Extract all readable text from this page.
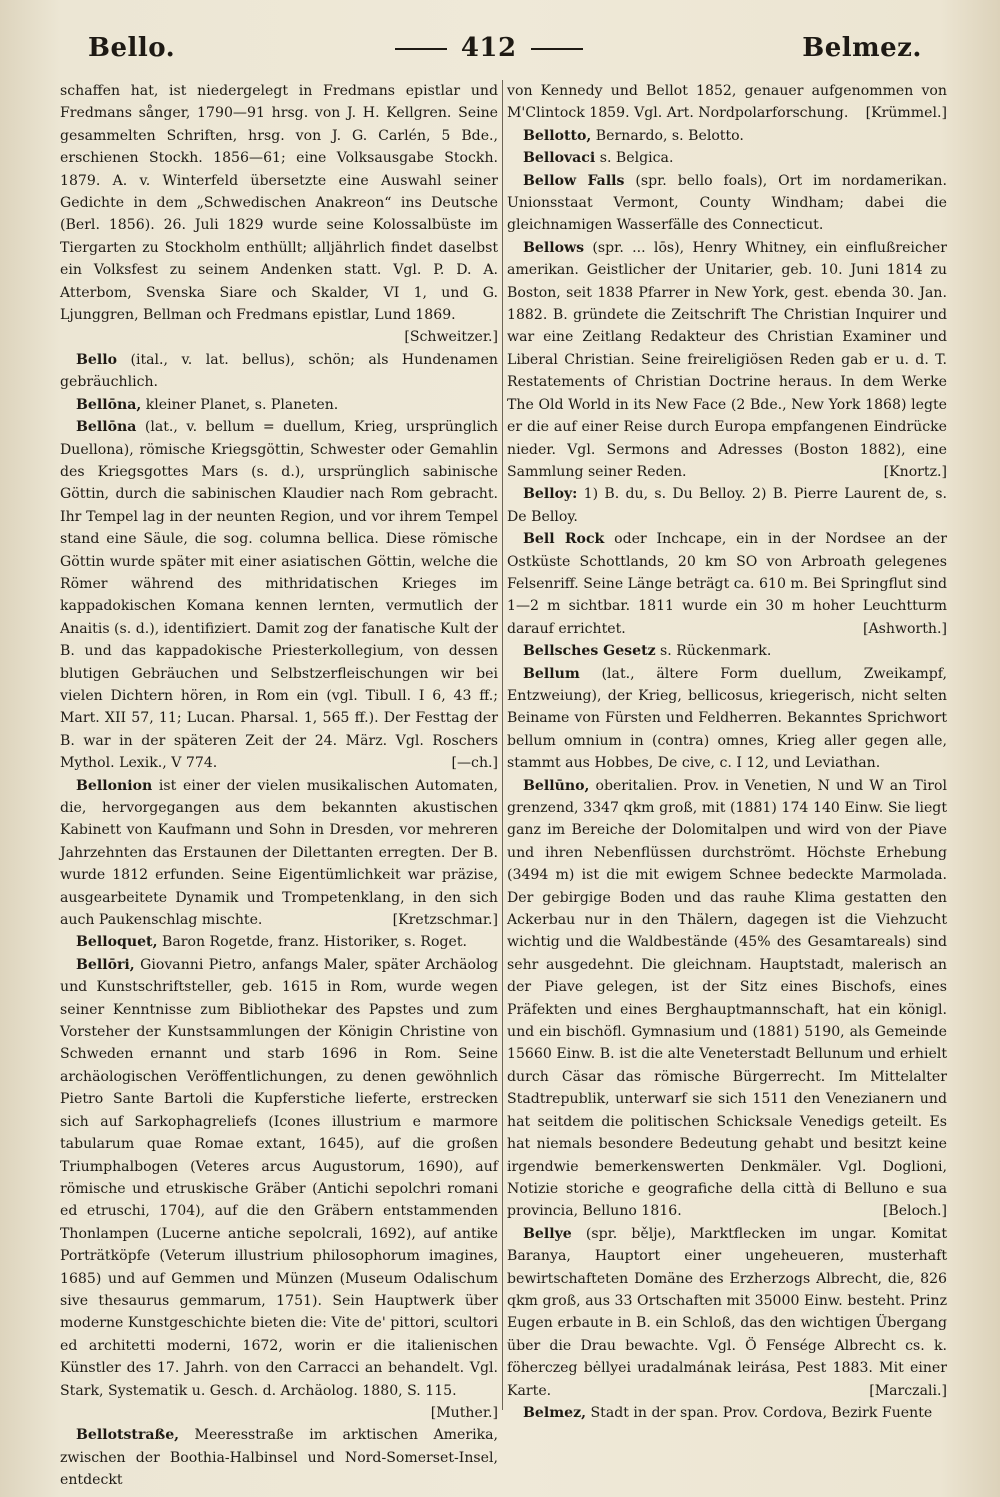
Bello.	412	Belmez.

schaffen hat, ist niedergelegt in Fredmans epistlar und Fredmans sånger, 1790—91 hrsg. von J. H. Kellgren. Seine gesammelten Schriften, hrsg. von J. G. Carlén, 5 Bde., erschienen Stockh. 1856—61; eine Volksausgabe Stockh. 1879. A. v. Winterfeld übersetzte eine Auswahl seiner Gedichte in dem „Schwedischen Anakreon“ ins Deutsche (Berl. 1856). 26. Juli 1829 wurde seine Kolossalbüste im Tiergarten zu Stockholm enthüllt; alljährlich findet daselbst ein Volksfest zu seinem Andenken statt. Vgl. P. D. A. Atterbom, Svenska Siare och Skalder, VI 1, und G. Ljunggren, Bellman och Fredmans epistlar, Lund 1869.
[Schweitzer.]

Bello (ital., v. lat. bellus), schön; als Hundenamen gebräuchlich.

Bellōna, kleiner Planet, s. Planeten.

Bellōna (lat., v. bellum = duellum, Krieg, ursprünglich Duellona), römische Kriegsgöttin, Schwester oder Gemahlin des Kriegsgottes Mars (s. d.), ursprünglich sabinische Göttin, durch die sabinischen Klaudier nach Rom gebracht. Ihr Tempel lag in der neunten Region, und vor ihrem Tempel stand eine Säule, die sog. columna bellica. Diese römische Göttin wurde später mit einer asiatischen Göttin, welche die Römer während des mithridatischen Krieges im kappadokischen Komana kennen lernten, vermutlich der Anaitis (s. d.), identifiziert. Damit zog der fanatische Kult der B. und das kappadokische Priesterkollegium, von dessen blutigen Gebräuchen und Selbstzerfleischungen wir bei vielen Dichtern hören, in Rom ein (vgl. Tibull. I 6, 43 ff.; Mart. XII 57, 11; Lucan. Pharsal. 1, 565 ff.). Der Festtag der B. war in der späteren Zeit der 24. März. Vgl. Roschers Mythol. Lexik., V 774.	[—ch.]

Bellonion ist einer der vielen musikalischen Automaten, die, hervorgegangen aus dem bekannten akustischen Kabinett von Kaufmann und Sohn in Dresden, vor mehreren Jahrzehnten das Erstaunen der Dilettanten erregten. Der B. wurde 1812 erfunden. Seine Eigentümlichkeit war präzise, ausgearbeitete Dynamik und Trompetenklang, in den sich auch Paukenschlag mischte.	[Kretzschmar.]

Belloquet, Baron Rogetde, franz. Historiker, s. Roget.

Bellōri, Giovanni Pietro, anfangs Maler, später Archäolog und Kunstschriftsteller, geb. 1615 in Rom, wurde wegen seiner Kenntnisse zum Bibliothekar des Papstes und zum Vorsteher der Kunstsammlungen der Königin Christine von Schweden ernannt und starb 1696 in Rom. Seine archäologischen Veröffentlichungen, zu denen gewöhnlich Pietro Sante Bartoli die Kupferstiche lieferte, erstrecken sich auf Sarkophagreliefs (Icones illustrium e marmore tabularum quae Romae extant, 1645), auf die großen Triumphalbogen (Veteres arcus Augustorum, 1690), auf römische und etruskische Gräber (Antichi sepolchri romani ed etruschi, 1704), auf die den Gräbern entstammenden Thonlampen (Lucerne antiche sepolcrali, 1692), auf antike Porträtköpfe (Veterum illustrium philosophorum imagines, 1685) und auf Gemmen und Münzen (Museum Odalischum sive thesaurus gemmarum, 1751). Sein Hauptwerk über moderne Kunstgeschichte bieten die: Vite de' pittori, scultori ed architetti moderni, 1672, worin er die italienischen Künstler des 17. Jahrh. von den Carracci an behandelt. Vgl. Stark, Systematik u. Gesch. d. Archäolog. 1880, S. 115.
[Muther.]

Bellotstraße, Meeresstraße im arktischen Amerika, zwischen der Boothia-Halbinsel und Nord-Somerset-Insel, entdeckt

von Kennedy und Bellot 1852, genauer aufgenommen von M'Clintock 1859. Vgl. Art. Nordpolarforschung.	[Krümmel.]

Bellotto, Bernardo, s. Belotto.

Bellovaci s. Belgica.

Bellow Falls (spr. bello foals), Ort im nordamerikan. Unionsstaat Vermont, County Windham; dabei die gleichnamigen Wasserfälle des Connecticut.

Bellows (spr. ... lōs), Henry Whitney, ein einflußreicher amerikan. Geistlicher der Unitarier, geb. 10. Juni 1814 zu Boston, seit 1838 Pfarrer in New York, gest. ebenda 30. Jan. 1882. B. gründete die Zeitschrift The Christian Inquirer und war eine Zeitlang Redakteur des Christian Examiner und Liberal Christian. Seine freireligiösen Reden gab er u. d. T. Restatements of Christian Doctrine heraus. In dem Werke The Old World in its New Face (2 Bde., New York 1868) legte er die auf einer Reise durch Europa empfangenen Eindrücke nieder. Vgl. Sermons and Adresses (Boston 1882), eine Sammlung seiner Reden.	[Knortz.]

Belloy: 1) B. du, s. Du Belloy. 2) B. Pierre Laurent de, s. De Belloy.

Bell Rock oder Inchcape, ein in der Nordsee an der Ostküste Schottlands, 20 km SO von Arbroath gelegenes Felsenriff. Seine Länge beträgt ca. 610 m. Bei Springflut sind 1—2 m sichtbar. 1811 wurde ein 30 m hoher Leuchtturm darauf errichtet.	[Ashworth.]

Bellsches Gesetz s. Rückenmark.

Bellum (lat., ältere Form duellum, Zweikampf, Entzweiung), der Krieg, bellicosus, kriegerisch, nicht selten Beiname von Fürsten und Feldherren. Bekanntes Sprichwort bellum omnium in (contra) omnes, Krieg aller gegen alle, stammt aus Hobbes, De cive, c. I 12, und Leviathan.

Bellūno, oberitalien. Prov. in Venetien, N und W an Tirol grenzend, 3347 qkm groß, mit (1881) 174 140 Einw. Sie liegt ganz im Bereiche der Dolomitalpen und wird von der Piave und ihren Nebenflüssen durchströmt. Höchste Erhebung (3494 m) ist die mit ewigem Schnee bedeckte Marmolada. Der gebirgige Boden und das rauhe Klima gestatten den Ackerbau nur in den Thälern, dagegen ist die Viehzucht wichtig und die Waldbestände (45% des Gesamtareals) sind sehr ausgedehnt. Die gleichnam. Hauptstadt, malerisch an der Piave gelegen, ist der Sitz eines Bischofs, eines Präfekten und eines Berghauptmannschaft, hat ein königl. und ein bischöfl. Gymnasium und (1881) 5190, als Gemeinde 15660 Einw. B. ist die alte Veneterstadt Bellunum und erhielt durch Cäsar das römische Bürgerrecht. Im Mittelalter Stadtrepublik, unterwarf sie sich 1511 den Venezianern und hat seitdem die politischen Schicksale Venedigs geteilt. Es hat niemals besondere Bedeutung gehabt und besitzt keine irgendwie bemerkenswerten Denkmäler. Vgl. Doglioni, Notizie storiche e geografiche della città di Belluno e sua provincia, Belluno 1816.	[Beloch.]

Bellye (spr. bělje), Marktflecken im ungar. Komitat Baranya, Hauptort einer ungeheueren, musterhaft bewirtschafteten Domäne des Erzherzogs Albrecht, die, 826 qkm groß, aus 33 Ortschaften mit 35000 Einw. besteht. Prinz Eugen erbaute in B. ein Schloß, das den wichtigen Übergang über die Drau bewachte. Vgl. Ö Fensége Albrecht cs. k. föherczeg bėllyei uradalmának leirása, Pest 1883. Mit einer Karte.	[Marczali.]

Belmez, Stadt in der span. Prov. Cordova, Bezirk Fuente
